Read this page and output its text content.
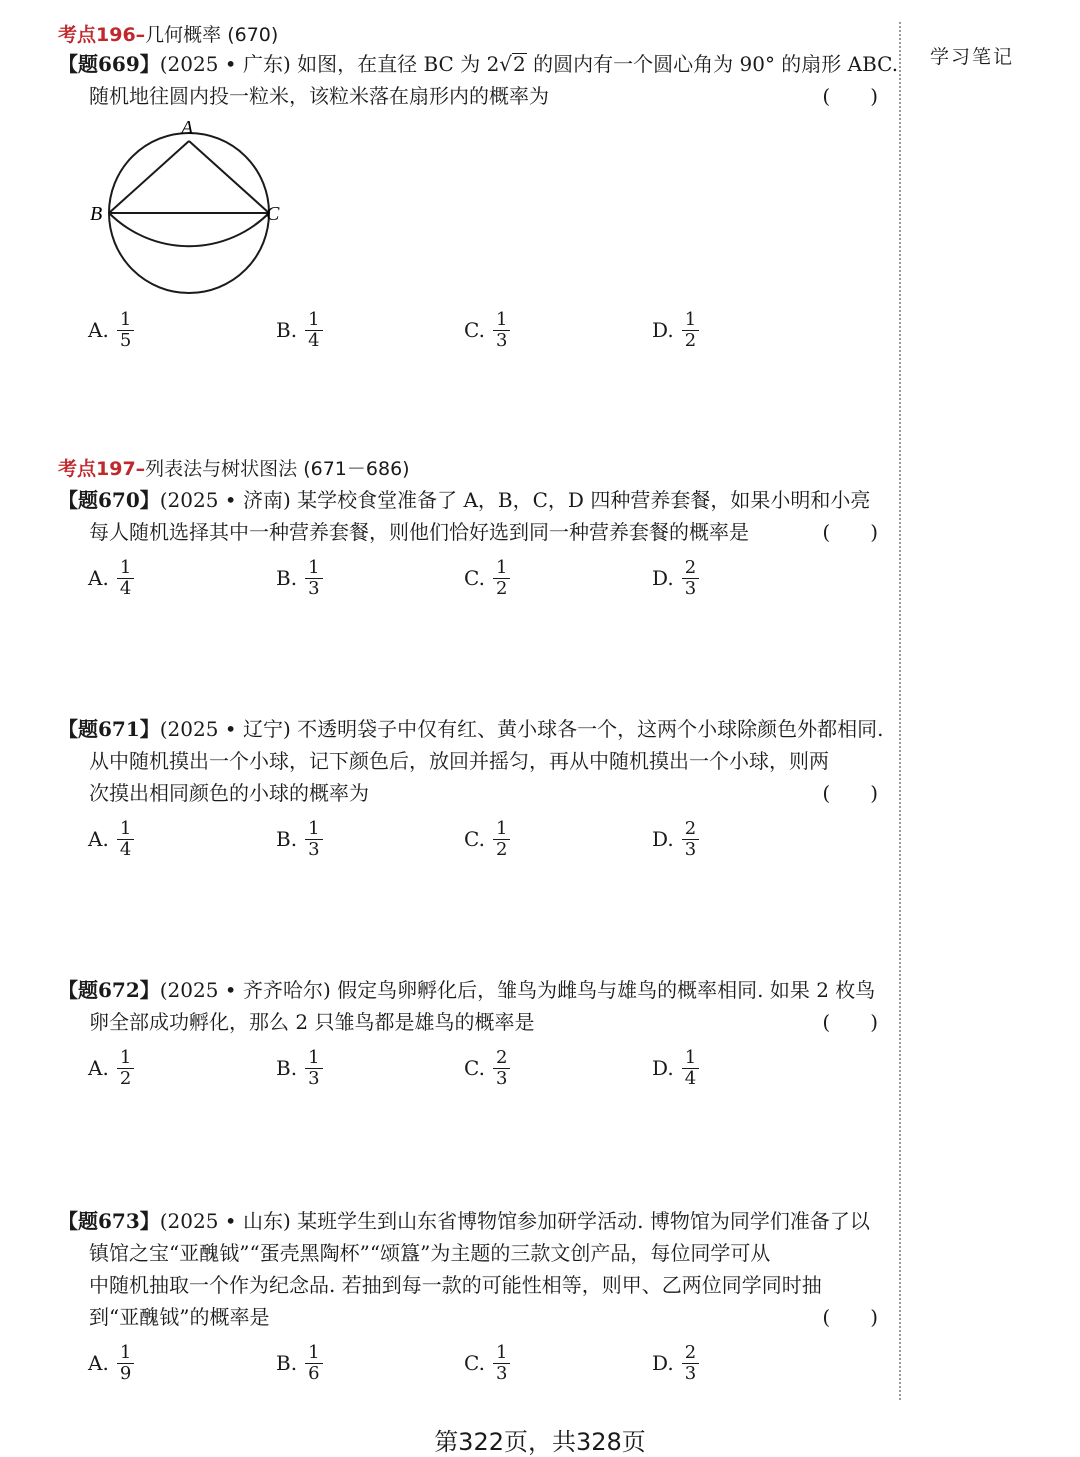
考点196–几何概率 (670)
【题669】(2025 • 广东) 如图，在直径 BC 为 2√2 的圆内有一个圆心角为 90° 的扇形 ABC.
随机地往圆内投一粒米，该粒米落在扇形内的概率为	(　　)
A
B	C
A. $\frac{1}{5}$	B. $\frac{1}{4}$	C. $\frac{1}{3}$	D. $\frac{1}{2}$
考点197–列表法与树状图法 (671－686)
【题670】(2025 • 济南) 某学校食堂准备了 A，B，C，D 四种营养套餐，如果小明和小亮
每人随机选择其中一种营养套餐，则他们恰好选到同一种营养套餐的概率是	(　　)
A. $\frac{1}{4}$	B. $\frac{1}{3}$	C. $\frac{1}{2}$	D. $\frac{2}{3}$
【题671】(2025 • 辽宁) 不透明袋子中仅有红、黄小球各一个，这两个小球除颜色外都相同.
从中随机摸出一个小球，记下颜色后，放回并摇匀，再从中随机摸出一个小球，则两
次摸出相同颜色的小球的概率为	(　　)
A. $\frac{1}{4}$	B. $\frac{1}{3}$	C. $\frac{1}{2}$	D. $\frac{2}{3}$
【题672】(2025 • 齐齐哈尔) 假定鸟卵孵化后，雏鸟为雌鸟与雄鸟的概率相同. 如果 2 枚鸟
卵全部成功孵化，那么 2 只雏鸟都是雄鸟的概率是	(　　)
A. $\frac{1}{2}$	B. $\frac{1}{3}$	C. $\frac{2}{3}$	D. $\frac{1}{4}$
【题673】(2025 • 山东) 某班学生到山东省博物馆参加研学活动. 博物馆为同学们准备了以
镇馆之宝“亚醜钺”“蛋壳黑陶杯”“颂簋”为主题的三款文创产品，每位同学可从
中随机抽取一个作为纪念品. 若抽到每一款的可能性相等，则甲、乙两位同学同时抽
到“亚醜钺”的概率是	(　　)
A. $\frac{1}{9}$	B. $\frac{1}{6}$	C. $\frac{1}{3}$	D. $\frac{2}{3}$
学习笔记
第322页，共328页
